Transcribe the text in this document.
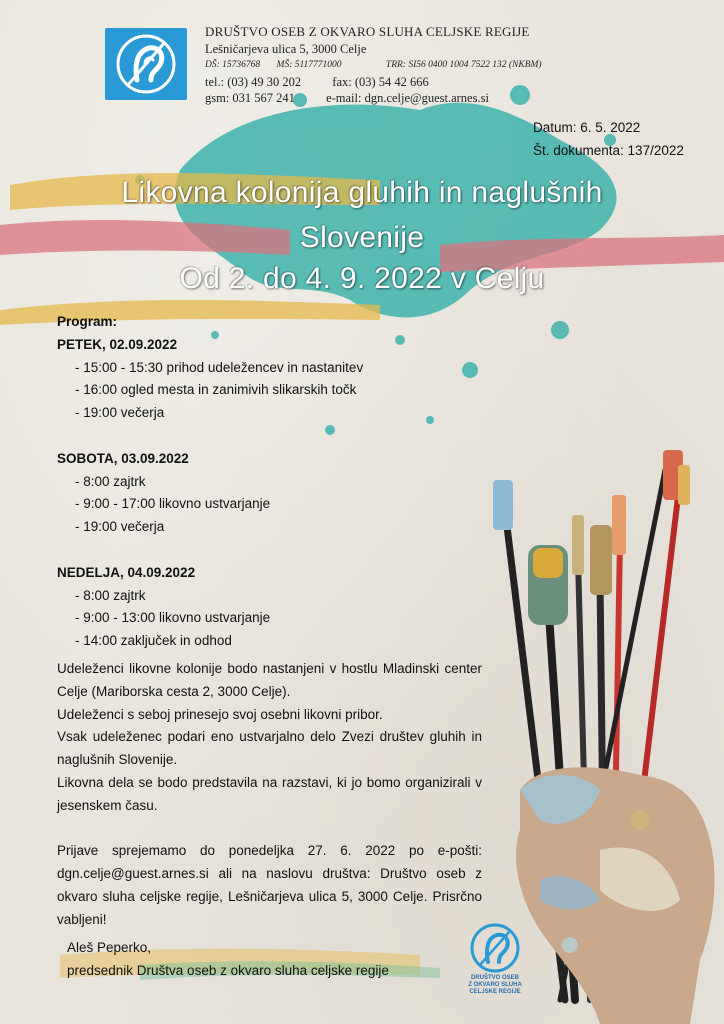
DRUŠTVO OSEB Z OKVARO SLUHA CELJSKE REGIJE
Lešničarjeva ulica 5, 3000 Celje
DŠ: 15736768 MŠ: 5117771000	TRR: SI56 0400 1004 7522 132 (NKBM)
tel.: (03) 49 30 202 fax: (03) 54 42 666
gsm: 031 567 241 e-mail: dgn.celje@guest.arnes.si
Datum: 6. 5. 2022
Št. dokumenta: 137/2022
Likovna kolonija gluhih in naglušnih
Slovenije
Od 2. do 4. 9. 2022 v Celju
Program:
PETEK, 02.09.2022
- 15:00 - 15:30 prihod udeležencev in nastanitev
- 16:00 ogled mesta in zanimivih slikarskih točk
- 19:00 večerja
SOBOTA, 03.09.2022
- 8:00 zajtrk
- 9:00 - 17:00 likovno ustvarjanje
- 19:00 večerja
NEDELJA, 04.09.2022
- 8:00 zajtrk
- 9:00 - 13:00 likovno ustvarjanje
- 14:00 zaključek in odhod

Udeleženci likovne kolonije bodo nastanjeni v hostlu Mladinski center Celje (Mariborska cesta 2, 3000 Celje).

Udeleženci s seboj prinesejo svoj osebni likovni pribor.

Vsak udeleženec podari eno ustvarjalno delo Zvezi društev gluhih in naglušnih Slovenije.

Likovna dela se bodo predstavila na razstavi, ki jo bomo organizirali v jesenskem času.

Prijave sprejemamo do ponedeljka 27. 6. 2022 po e-pošti: dgn.celje@guest.arnes.si ali na naslovu društva: Društvo oseb z okvaro sluha celjske regije, Lešničarjeva ulica 5, 3000 Celje. Prisrčno vabljeni!

Aleš Peperko,
predsednik Društva oseb z okvaro sluha celjske regije
DRUŠTVO OSEB
Z OKVARO SLUHA
CELJSKE REGIJE
